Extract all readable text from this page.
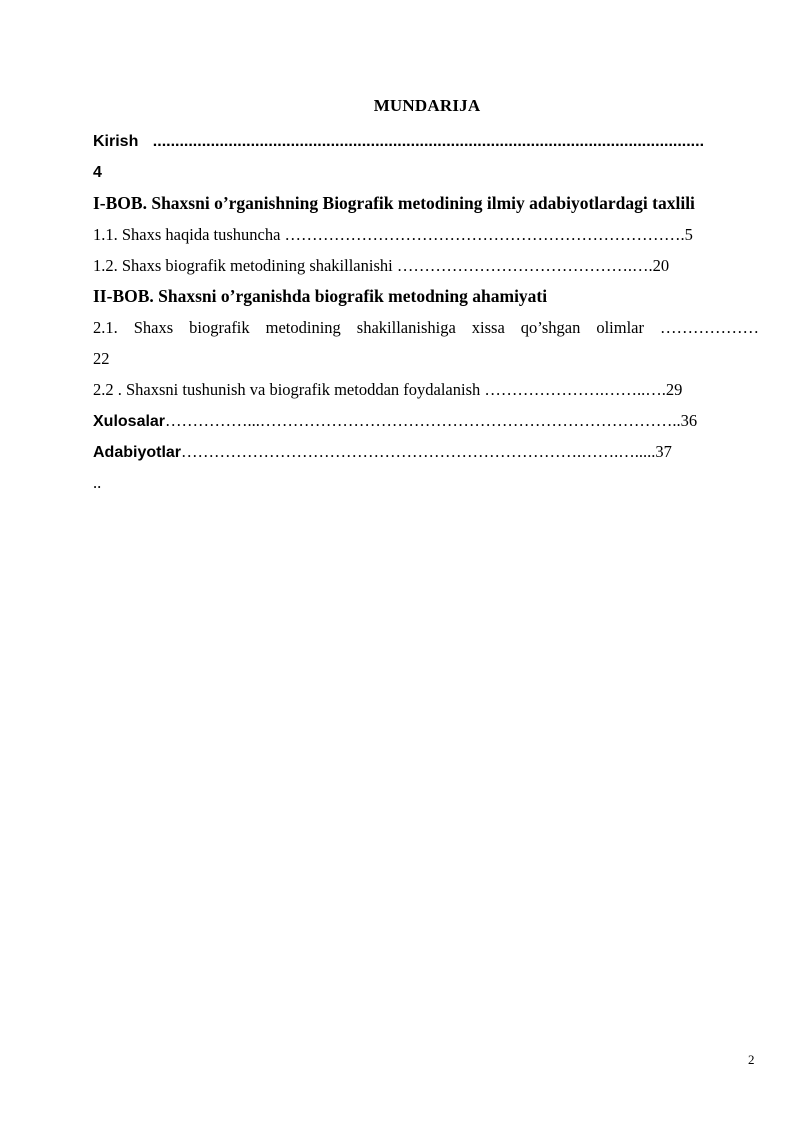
MUNDARIJA
Kirish ............................................................................................................................
4
I-BOB. Shaxsni o’rganishning Biografik metodining ilmiy adabiyotlardagi taxlili
1.1. Shaxs haqida tushuncha ……………………………………………………………….5
1.2. Shaxs biografik metodining shakillanishi …………………………………….….20
II-BOB. Shaxsni o’rganishda biografik metodning ahamiyati
2.1. Shaxs biografik metodining shakillanishiga xissa qo’shgan olimlar ………………
22
2.2 . Shaxsni tushunish va biografik metoddan foydalanish ………………….……..….29
Xulosalar……………...…………………………………………………………………..36
Adabiyotlar……………………………………………………………….…….….....37
..
2
